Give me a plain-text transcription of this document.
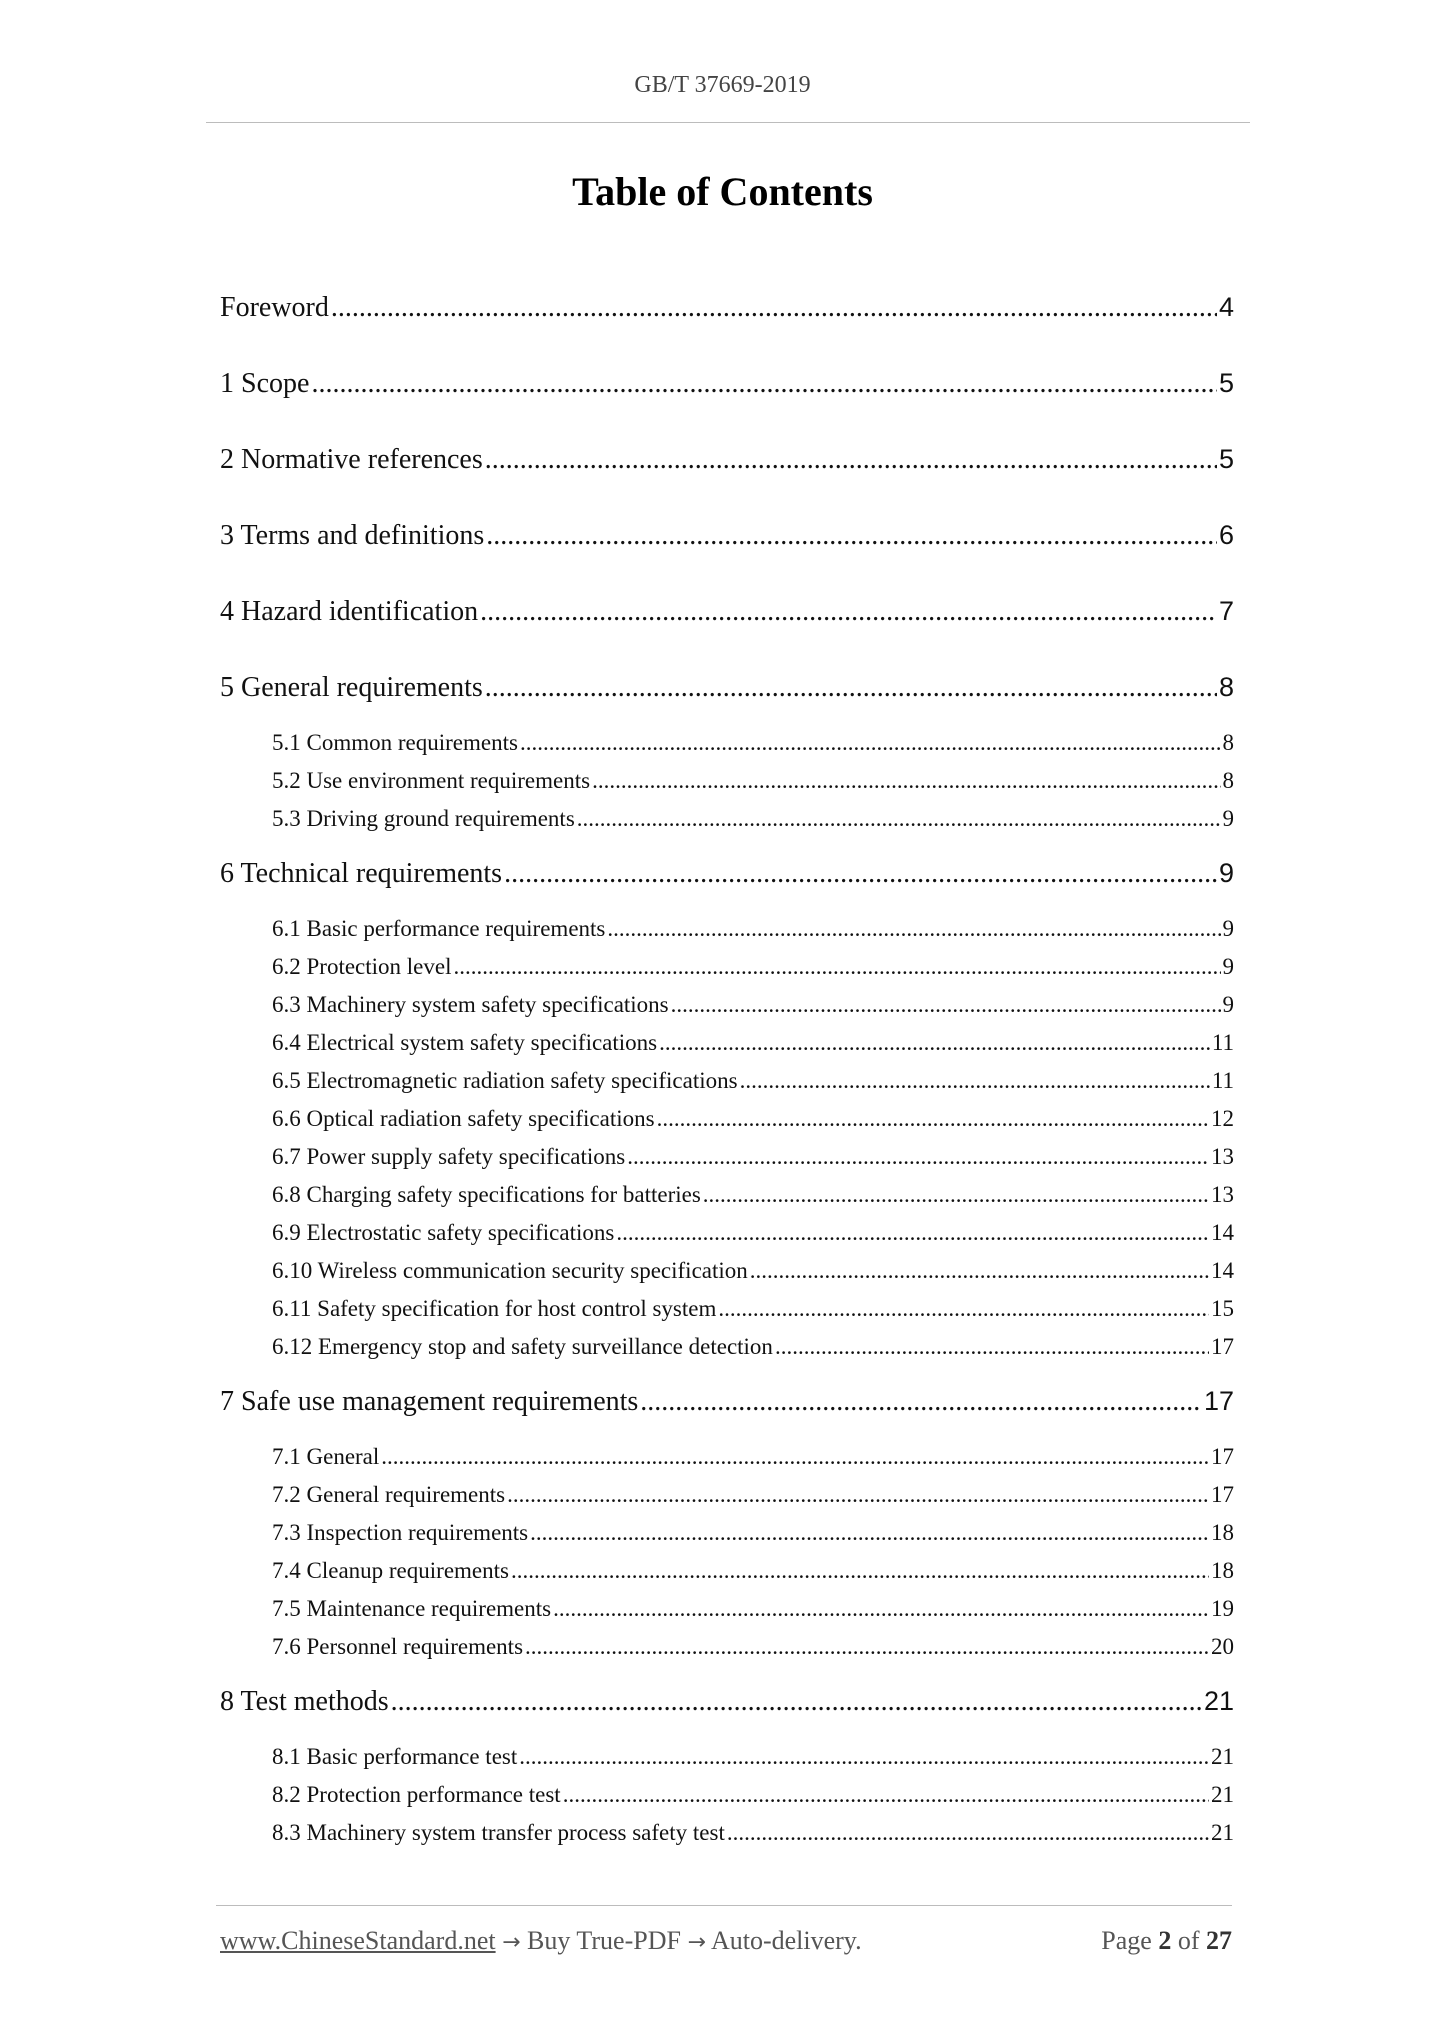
GB/T 37669-2019
Table of Contents
Foreword .....	4
1 Scope .....	5
2 Normative references .....	5
3 Terms and definitions .....	6
4 Hazard identification .....	7
5 General requirements .....	8
5.1 Common requirements .....	8
5.2 Use environment requirements .....	8
5.3 Driving ground requirements .....	9
6 Technical requirements .....	9
6.1 Basic performance requirements .....	9
6.2 Protection level .....	9
6.3 Machinery system safety specifications .....	9
6.4 Electrical system safety specifications .....	11
6.5 Electromagnetic radiation safety specifications .....	11
6.6 Optical radiation safety specifications .....	12
6.7 Power supply safety specifications .....	13
6.8 Charging safety specifications for batteries .....	13
6.9 Electrostatic safety specifications .....	14
6.10 Wireless communication security specification .....	14
6.11 Safety specification for host control system .....	15
6.12 Emergency stop and safety surveillance detection .....	17
7 Safe use management requirements .....	17
7.1 General .....	17
7.2 General requirements .....	17
7.3 Inspection requirements .....	18
7.4 Cleanup requirements .....	18
7.5 Maintenance requirements .....	19
7.6 Personnel requirements .....	20
8 Test methods .....	21
8.1 Basic performance test .....	21
8.2 Protection performance test .....	21
8.3 Machinery system transfer process safety test .....	21
www.ChineseStandard.net → Buy True-PDF → Auto-delivery.	Page 2 of 27
